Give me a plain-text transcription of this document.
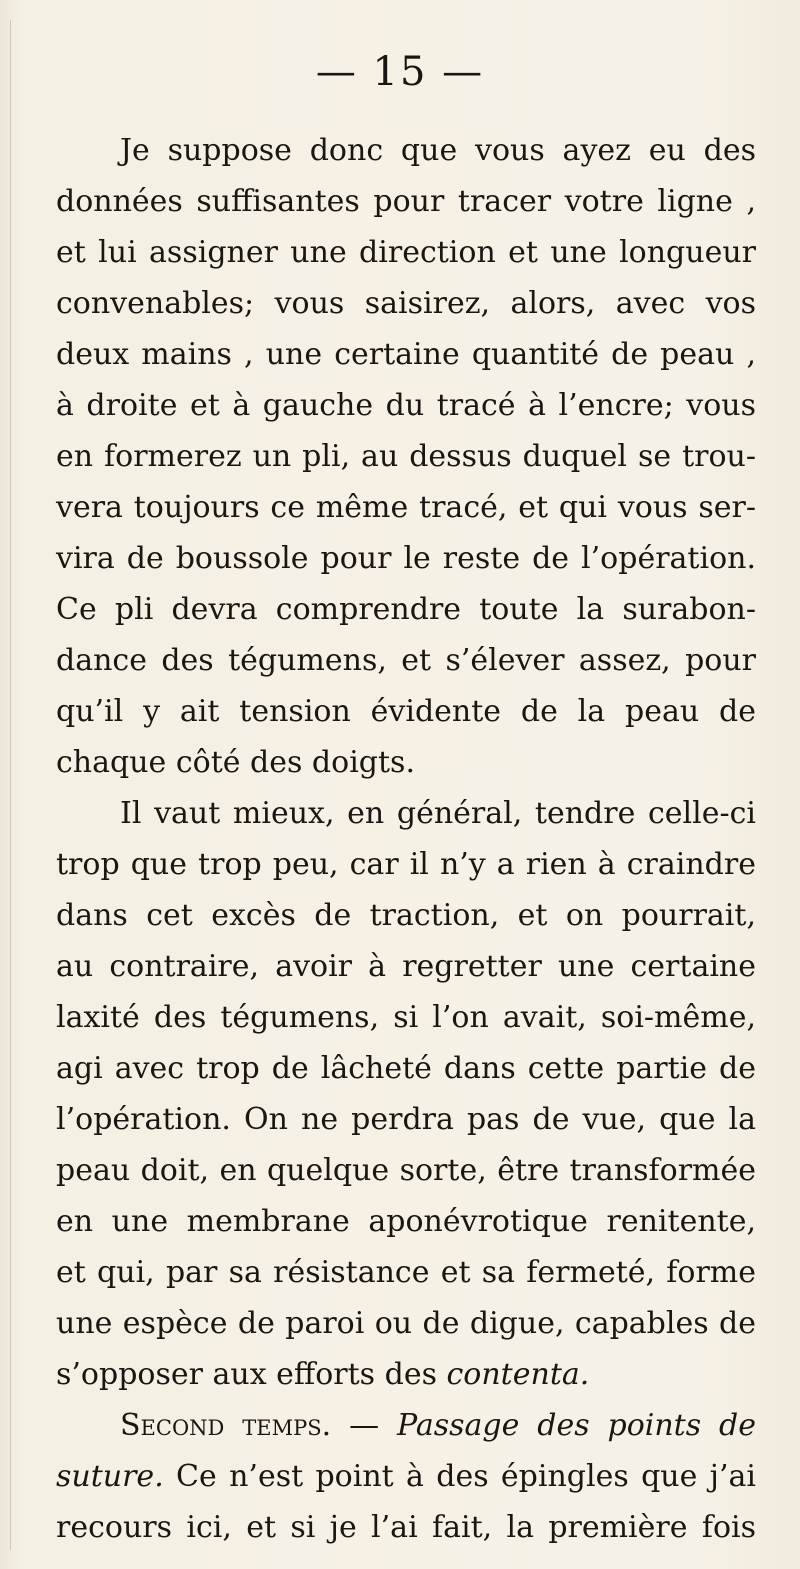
— 15 —
Je suppose donc que vous ayez eu des
données suffisantes pour tracer votre ligne ,
et lui assigner une direction et une longueur
convenables; vous saisirez, alors, avec vos
deux mains , une certaine quantité de peau ,
à droite et à gauche du tracé à l’encre; vous
en formerez un pli, au dessus duquel se trou-
vera toujours ce même tracé, et qui vous ser-
vira de boussole pour le reste de l’opération.
Ce pli devra comprendre toute la surabon-
dance des tégumens, et s’élever assez, pour
qu’il y ait tension évidente de la peau de
chaque côté des doigts.
Il vaut mieux, en général, tendre celle-ci
trop que trop peu, car il n’y a rien à craindre
dans cet excès de traction, et on pourrait,
au contraire, avoir à regretter une certaine
laxité des tégumens, si l’on avait, soi-même,
agi avec trop de lâcheté dans cette partie de
l’opération. On ne perdra pas de vue, que la
peau doit, en quelque sorte, être transformée
en une membrane aponévrotique renitente,
et qui, par sa résistance et sa fermeté, forme
une espèce de paroi ou de digue, capables de
s’opposer aux efforts des contenta.
Second temps. — Passage des points de
suture. Ce n’est point à des épingles que j’ai
recours ici, et si je l’ai fait, la première fois
